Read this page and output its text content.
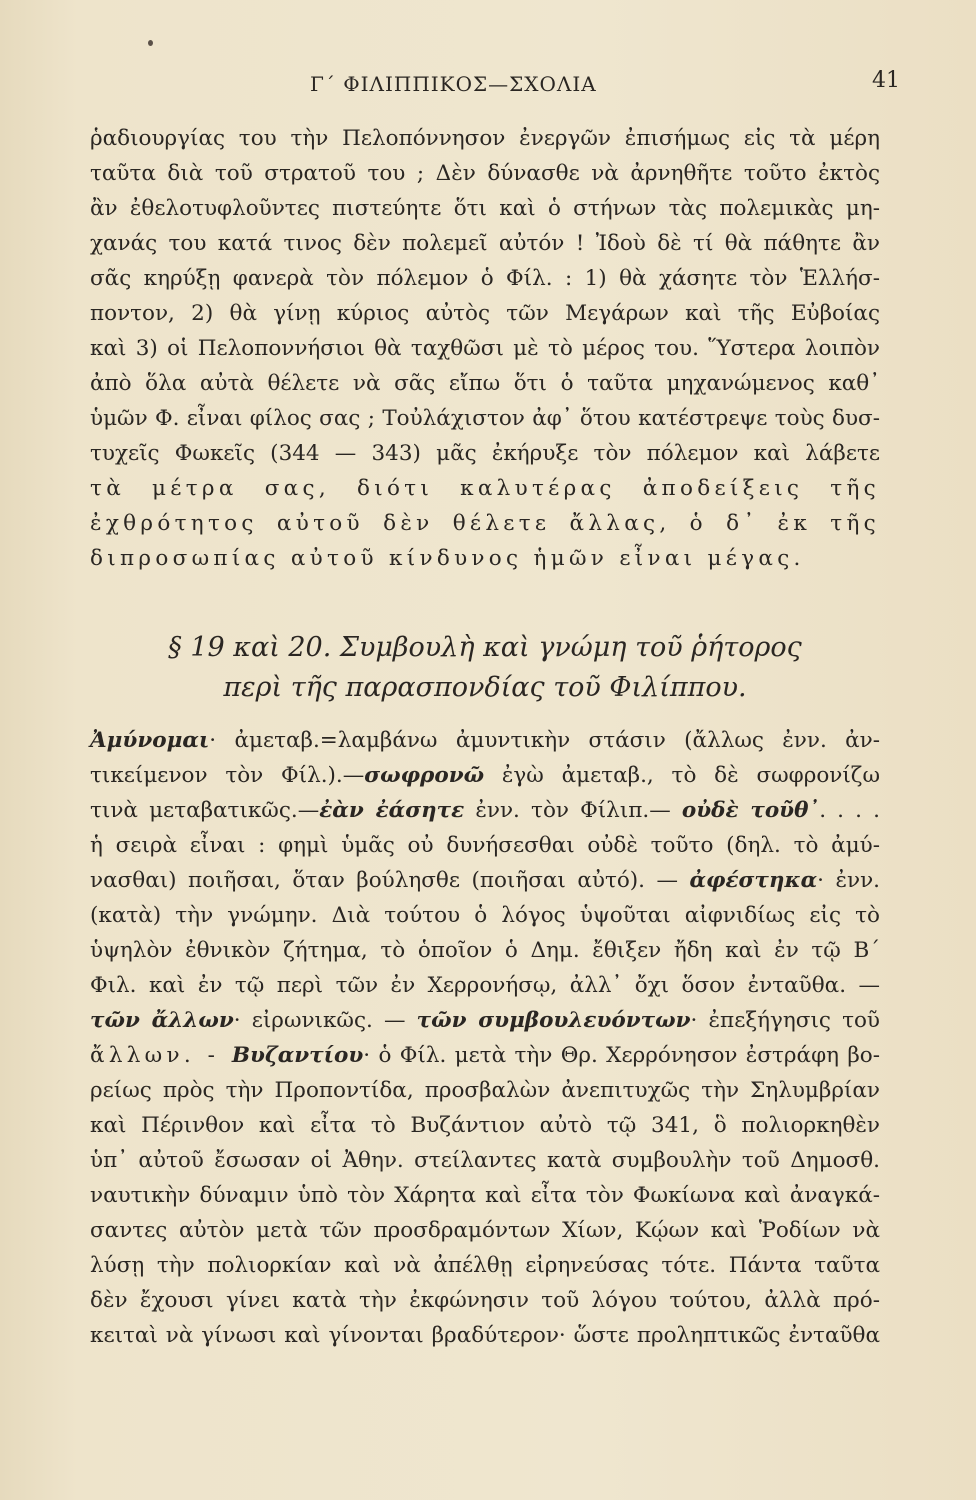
Γ΄ ΦΙΛΙΠΠΙΚΟΣ—ΣΧΟΛΙΑ	41
ῥαδιουργίας του τὴν Πελοπόννησον ἐνεργῶν ἐπισήμως εἰς τὰ μέρη
ταῦτα διὰ τοῦ στρατοῦ του ; Δὲν δύνασθε νὰ ἀρνηθῆτε τοῦτο ἐκτὸς
ἂν ἐθελοτυφλοῦντες πιστεύητε ὅτι καὶ ὁ στήνων τὰς πολεμικὰς μη-
χανάς του κατά τινος δὲν πολεμεῖ αὐτόν ! Ἰδοὺ δὲ τί θὰ πάθητε ἂν
σᾶς κηρύξῃ φανερὰ τὸν πόλεμον ὁ Φίλ. : 1) θὰ χάσητε τὸν Ἑλλήσ-
ποντον, 2) θὰ γίνῃ κύριος αὐτὸς τῶν Μεγάρων καὶ τῆς Εὐβοίας
καὶ 3) οἱ Πελοποννήσιοι θὰ ταχθῶσι μὲ τὸ μέρος του. Ὕστερα λοιπὸν
ἀπὸ ὅλα αὐτὰ θέλετε νὰ σᾶς εἴπω ὅτι ὁ ταῦτα μηχανώμενος καθ᾽
ὑμῶν Φ. εἶναι φίλος σας ; Τοὐλάχιστον ἀφ᾽ ὅτου κατέστρεψε τοὺς δυσ-
τυχεῖς Φωκεῖς (344 — 343) μᾶς ἐκήρυξε τὸν πόλεμον καὶ λάβετε
τὰ μέτρα σας, διότι καλυτέρας ἀποδείξεις τῆς
ἐχθρότητος αὐτοῦ δὲν θέλετε ἄλλας, ὁ δ᾽ ἐκ τῆς
διπροσωπίας αὐτοῦ κίνδυνος ἡμῶν εἶναι μέγας.
§ 19 καὶ 20. Συμβουλὴ καὶ γνώμη τοῦ ῥήτορος
περὶ τῆς παρασπονδίας τοῦ Φιλίππου.
Ἀμύνομαι· ἀμεταβ.=λαμβάνω ἀμυντικὴν στάσιν (ἄλλως ἐνν. ἀν-
τικείμενον τὸν Φίλ.).—σωφρονῶ ἐγὼ ἀμεταβ., τὸ δὲ σωφρονίζω
τινὰ μεταβατικῶς.—ἐὰν ἐάσητε ἐνν. τὸν Φίλιπ.— οὐδὲ τοῦθ᾽. . . .
ἡ σειρὰ εἶναι : φημὶ ὑμᾶς οὐ δυνήσεσθαι οὐδὲ τοῦτο (δηλ. τὸ ἀμύ-
νασθαι) ποιῆσαι, ὅταν βούλησθε (ποιῆσαι αὐτό). — ἀφέστηκα· ἐνν.
(κατὰ) τὴν γνώμην. Διὰ τούτου ὁ λόγος ὑψοῦται αἰφνιδίως εἰς τὸ
ὑψηλὸν ἐθνικὸν ζήτημα, τὸ ὁποῖον ὁ Δημ. ἔθιξεν ἤδη καὶ ἐν τῷ Β΄
Φιλ. καὶ ἐν τῷ περὶ τῶν ἐν Χερρονήσῳ, ἀλλ᾽ ὄχι ὅσον ἐνταῦθα. —
τῶν ἄλλων· εἰρωνικῶς. — τῶν συμβουλευόντων· ἐπεξήγησις τοῦ
ἄλλων. - Βυζαντίου· ὁ Φίλ. μετὰ τὴν Θρ. Χερρόνησον ἐστράφη βο-
ρείως πρὸς τὴν Προποντίδα, προσβαλὼν ἀνεπιτυχῶς τὴν Σηλυμβρίαν
καὶ Πέρινθον καὶ εἶτα τὸ Βυζάντιον αὐτὸ τῷ 341, ὃ πολιορκηθὲν
ὑπ᾽ αὐτοῦ ἔσωσαν οἱ Ἀθην. στείλαντες κατὰ συμβουλὴν τοῦ Δημοσθ.
ναυτικὴν δύναμιν ὑπὸ τὸν Χάρητα καὶ εἶτα τὸν Φωκίωνα καὶ ἀναγκά-
σαντες αὐτὸν μετὰ τῶν προσδραμόντων Χίων, Κῴων καὶ Ῥοδίων νὰ
λύσῃ τὴν πολιορκίαν καὶ νὰ ἀπέλθῃ εἰρηνεύσας τότε. Πάντα ταῦτα
δὲν ἔχουσι γίνει κατὰ τὴν ἐκφώνησιν τοῦ λόγου τούτου, ἀλλὰ πρό-
κειταὶ νὰ γίνωσι καὶ γίνονται βραδύτερον· ὥστε προληπτικῶς ἐνταῦθα
